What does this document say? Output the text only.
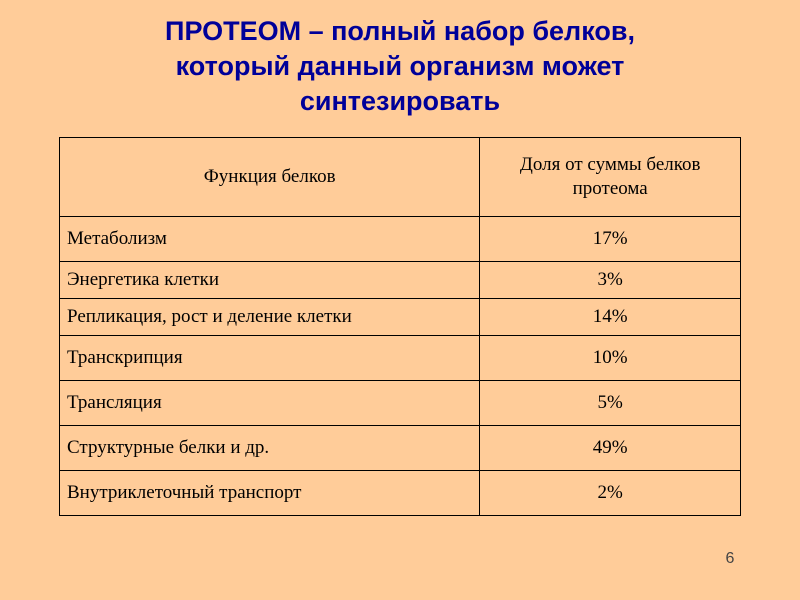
ПРОТЕОМ – полный набор белков,
который данный организм может
синтезировать
Функция белков	Доля от суммы белков протеома
Метаболизм	17%
Энергетика клетки	3%
Репликация, рост и деление клетки	14%
Транскрипция	10%
Трансляция	5%
Структурные белки и др.	49%
Внутриклеточный транспорт	2%
6
